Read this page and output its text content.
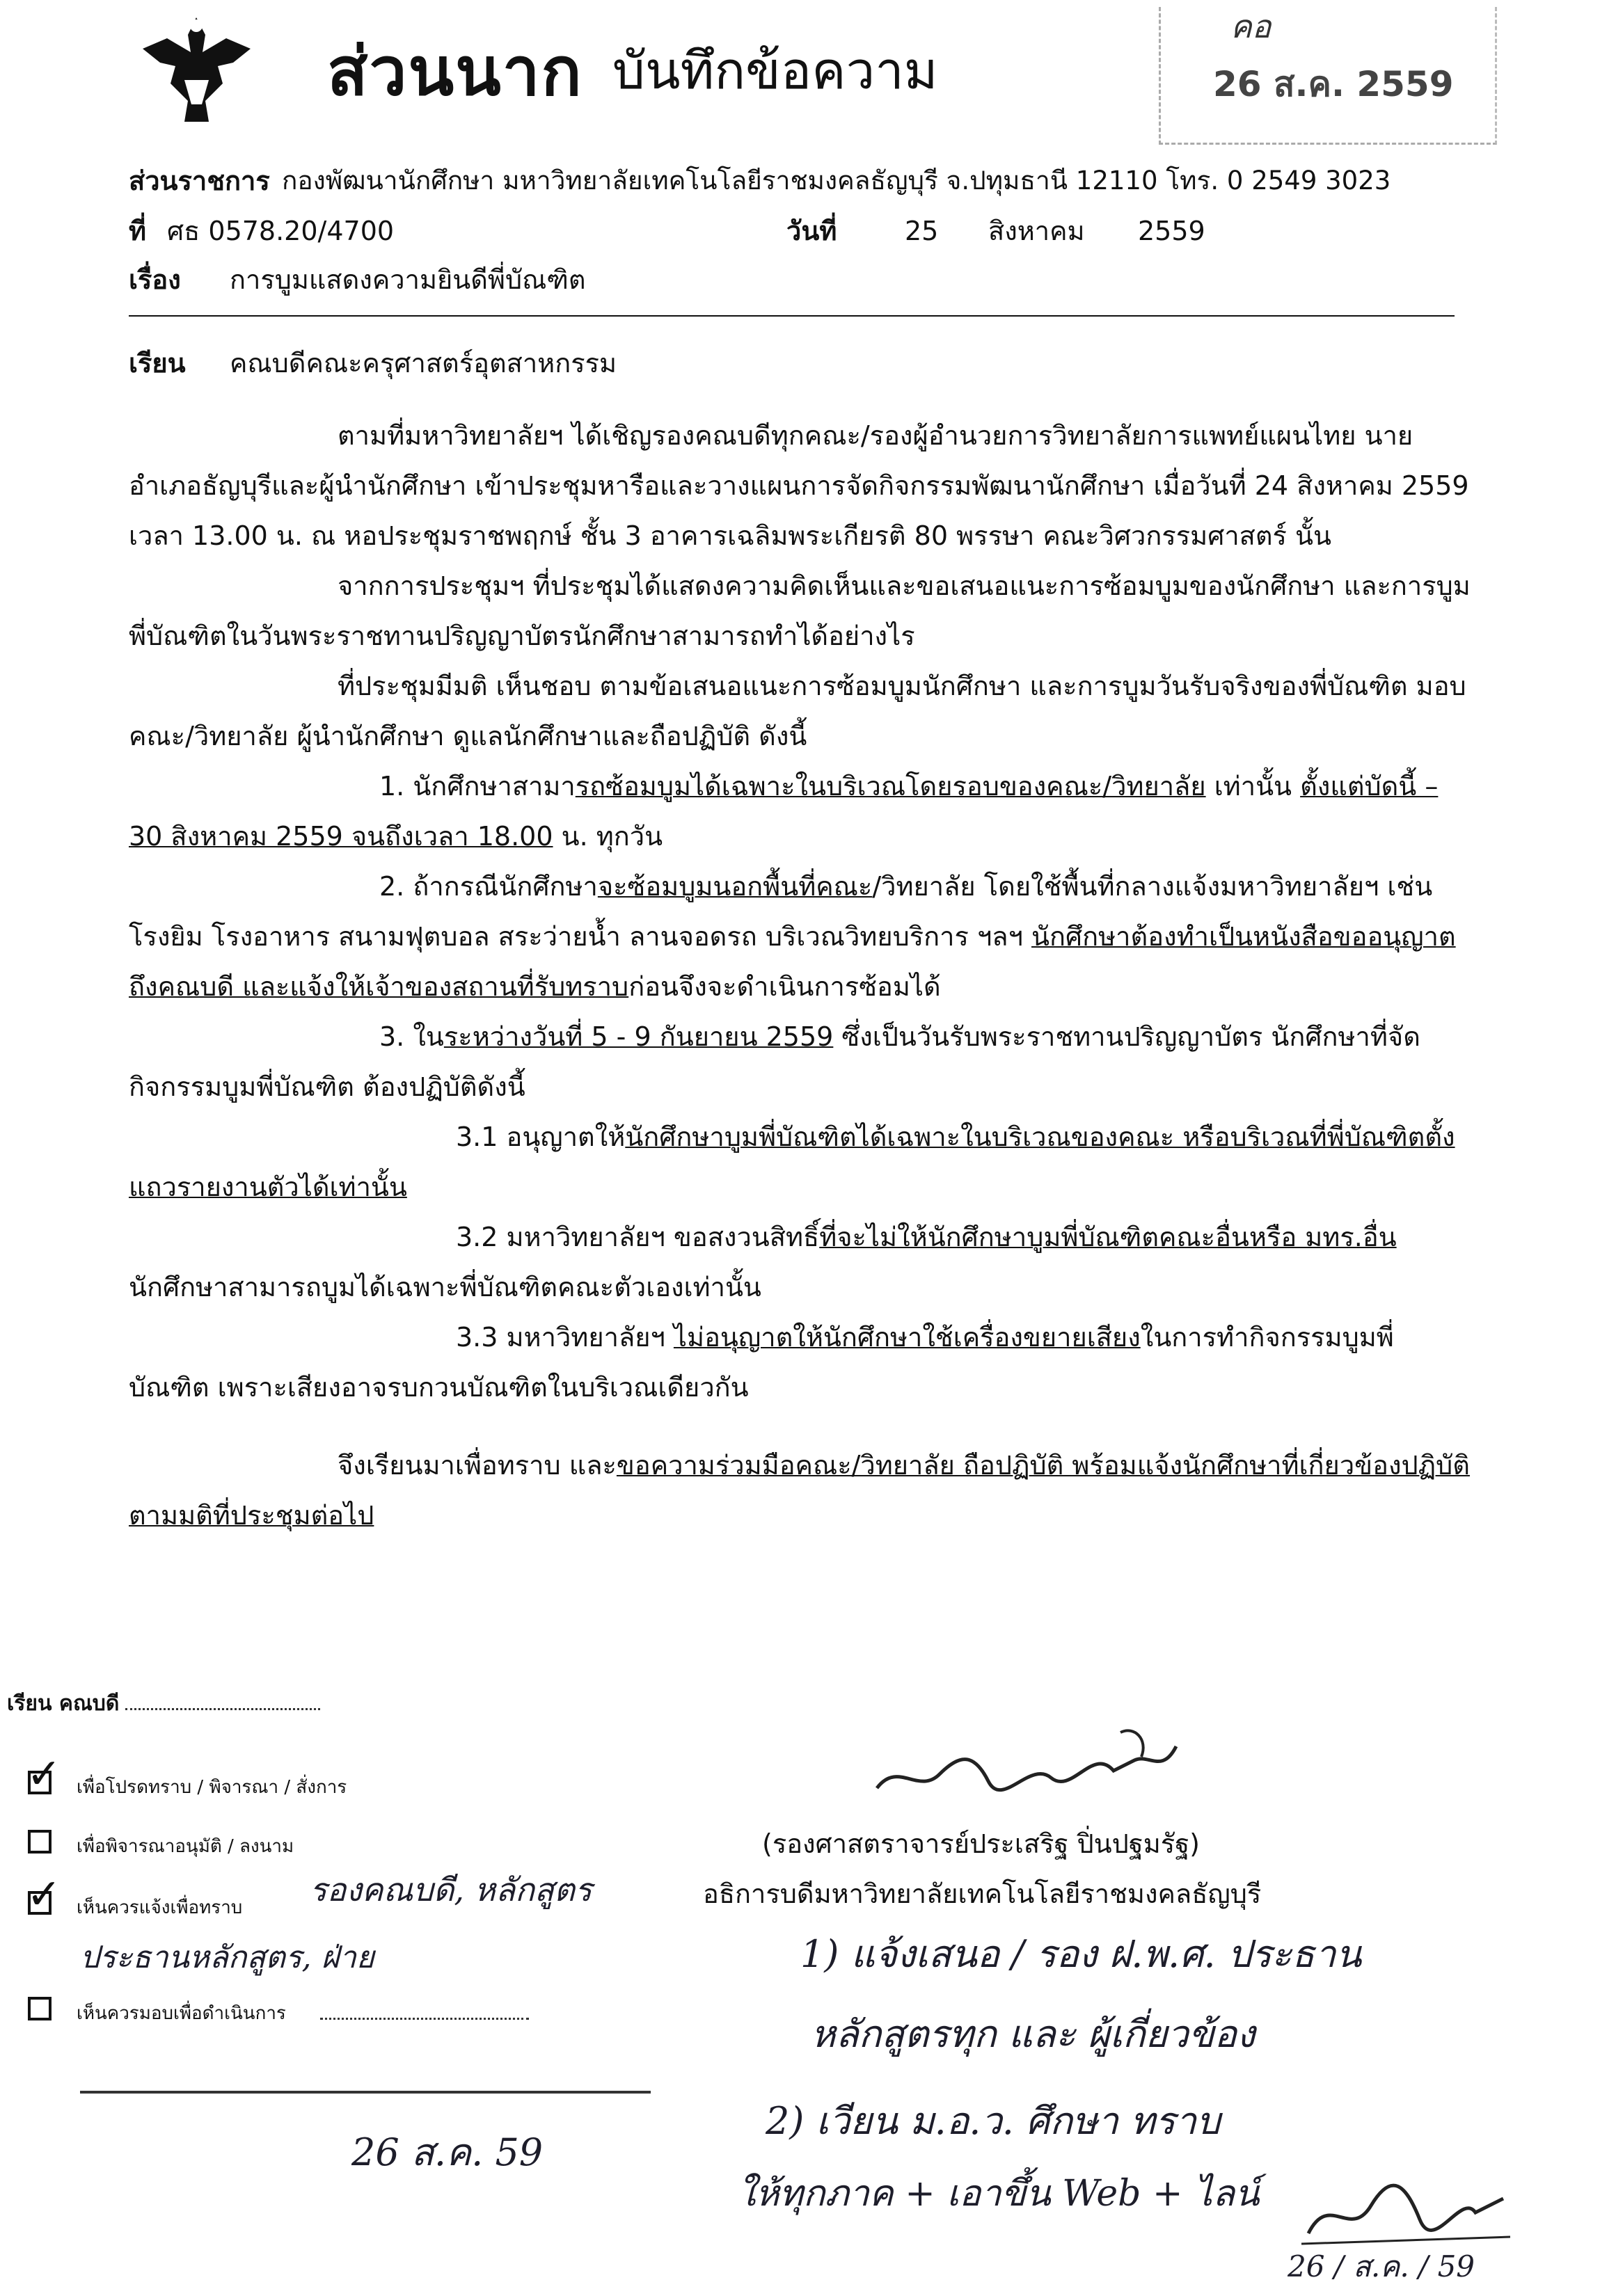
ส่วนนาก บันทึกข้อความ
คอ
26 ส.ค. 2559
ส่วนราชการ กองพัฒนานักศึกษา มหาวิทยาลัยเทคโนโลยีราชมงคลธัญบุรี จ.ปทุมธานี 12110 โทร. 0 2549 3023
ที่ ศธ 0578.20/4700	วันที่	25 สิงหาคม 2559
เรื่อง การบูมแสดงความยินดีพี่บัณฑิต
เรียน คณบดีคณะครุศาสตร์อุตสาหกรรม

ตามที่มหาวิทยาลัยฯ ได้เชิญรองคณบดีทุกคณะ/รองผู้อำนวยการวิทยาลัยการแพทย์แผนไทย นายอำเภอธัญบุรีและผู้นำนักศึกษา เข้าประชุมหารือและวางแผนการจัดกิจกรรมพัฒนานักศึกษา เมื่อวันที่ 24 สิงหาคม 2559 เวลา 13.00 น. ณ หอประชุมราชพฤกษ์ ชั้น 3 อาคารเฉลิมพระเกียรติ 80 พรรษา คณะวิศวกรรมศาสตร์ นั้น

จากการประชุมฯ ที่ประชุมได้แสดงความคิดเห็นและขอเสนอแนะการซ้อมบูมของนักศึกษา และการบูมพี่บัณฑิตในวันพระราชทานปริญญาบัตรนักศึกษาสามารถทำได้อย่างไร

ที่ประชุมมีมติ เห็นชอบ ตามข้อเสนอแนะการซ้อมบูมนักศึกษา และการบูมวันรับจริงของพี่บัณฑิต มอบคณะ/วิทยาลัย ผู้นำนักศึกษา ดูแลนักศึกษาและถือปฏิบัติ ดังนี้

1. นักศึกษาสามารถซ้อมบูมได้เฉพาะในบริเวณโดยรอบของคณะ/วิทยาลัย เท่านั้น ตั้งแต่บัดนี้ – 30 สิงหาคม 2559 จนถึงเวลา 18.00 น. ทุกวัน

2. ถ้ากรณีนักศึกษาจะซ้อมบูมนอกพื้นที่คณะ/วิทยาลัย โดยใช้พื้นที่กลางแจ้งมหาวิทยาลัยฯ เช่น โรงยิม โรงอาหาร สนามฟุตบอล สระว่ายน้ำ ลานจอดรถ บริเวณวิทยบริการ ฯลฯ นักศึกษาต้องทำเป็นหนังสือขออนุญาตถึงคณบดี และแจ้งให้เจ้าของสถานที่รับทราบก่อนจึงจะดำเนินการซ้อมได้

3. ในระหว่างวันที่ 5 - 9 กันยายน 2559 ซึ่งเป็นวันรับพระราชทานปริญญาบัตร นักศึกษาที่จัดกิจกรรมบูมพี่บัณฑิต ต้องปฏิบัติดังนี้

3.1 อนุญาตให้นักศึกษาบูมพี่บัณฑิตได้เฉพาะในบริเวณของคณะ หรือบริเวณที่พี่บัณฑิตตั้งแถวรายงานตัวได้เท่านั้น

3.2 มหาวิทยาลัยฯ ขอสงวนสิทธิ์ที่จะไม่ให้นักศึกษาบูมพี่บัณฑิตคณะอื่นหรือ มทร.อื่น นักศึกษาสามารถบูมได้เฉพาะพี่บัณฑิตคณะตัวเองเท่านั้น

3.3 มหาวิทยาลัยฯ ไม่อนุญาตให้นักศึกษาใช้เครื่องขยายเสียงในการทำกิจกรรมบูมพี่บัณฑิต เพราะเสียงอาจรบกวนบัณฑิตในบริเวณเดียวกัน

จึงเรียนมาเพื่อทราบ และขอความร่วมมือคณะ/วิทยาลัย ถือปฏิบัติ พร้อมแจ้งนักศึกษาที่เกี่ยวข้องปฏิบัติตามมติที่ประชุมต่อไป

(รองศาสตราจารย์ประเสริฐ ปิ่นปฐมรัฐ)
อธิการบดีมหาวิทยาลัยเทคโนโลยีราชมงคลธัญบุรี
เรียน คณบดี
✓ เพื่อโปรดทราบ / พิจารณา / สั่งการ
เพื่อพิจารณาอนุมัติ / ลงนาม
✓ เห็นควรแจ้งเพื่อทราบ รองคณบดี, หลักสูตร
ประธานหลักสูตร, ฝ่าย
เห็นควรมอบเพื่อดำเนินการ
26 ส.ค. 59
1) แจ้งเสนอ / รอง ฝ.พ.ศ. ประธาน
หลักสูตรทุก และ ผู้เกี่ยวข้อง
2) เวียน ม.อ.ว. ศึกษา ทราบ
ให้ทุกภาค + เอาขึ้น Web + ไลน์
26 / ส.ค. / 59
